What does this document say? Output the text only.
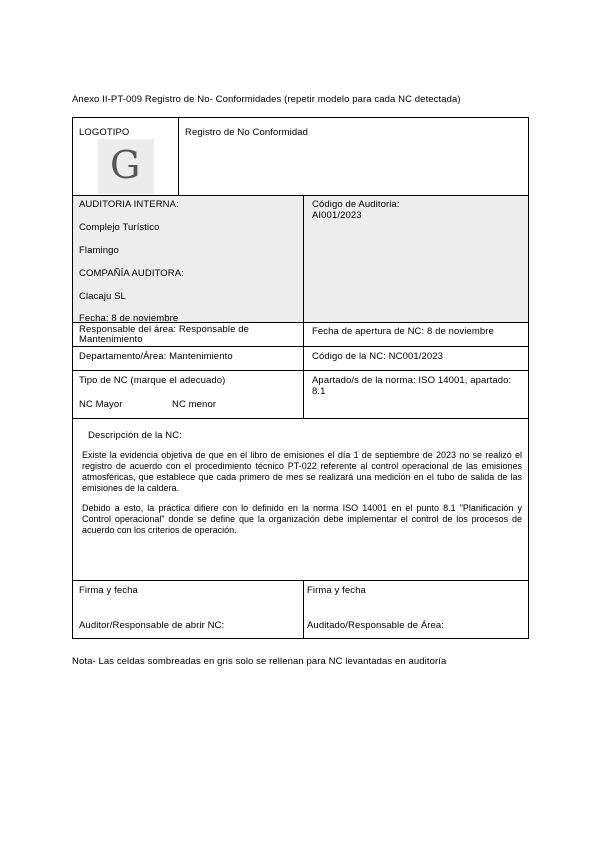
Anexo II-PT-009 Registro de No- Conformidades (repetir modelo para cada NC detectada)
LOGOTIPO
G
Registro de No Conformidad
AUDITORIA INTERNA:
Complejo Turístico
Flamingo
COMPAÑÍA AUDITORA:
Clacaju SL
Fecha: 8 de noviembre
Código de Auditoria:
AI001/2023
Responsable del área: Responsable de Mantenimiento
Fecha de apertura de NC: 8 de noviembre
Departamento/Área: Mantenimiento	Código de la NC: NC001/2023
Tipo de NC (marque el adecuado)
NC Mayor	NC menor
Apartado/s de la norma: ISO 14001, apartado: 8.1
Descripción de la NC:

Existe la evidencia objetiva de que en el libro de emisiones el día 1 de septiembre de 2023 no se realizó el registro de acuerdo con el procedimiento técnico PT-022 referente al control operacional de las emisiones atmosféricas, que establece que cada primero de mes se realizará una medición en el tubo de salida de las emisiones de la caldera.

Debido a esto, la práctica difiere con lo definido en la norma ISO 14001 en el punto 8.1 "Planificación y Control operacional" donde se define que la organización debe implementar el control de los procesos de acuerdo con los criterios de operación.

Firma y fecha
Auditor/Responsable de abrir NC:
Firma y fecha
Auditado/Responsable de Área:
Nota- Las celdas sombreadas en gris solo se rellenan para NC levantadas en auditoría
